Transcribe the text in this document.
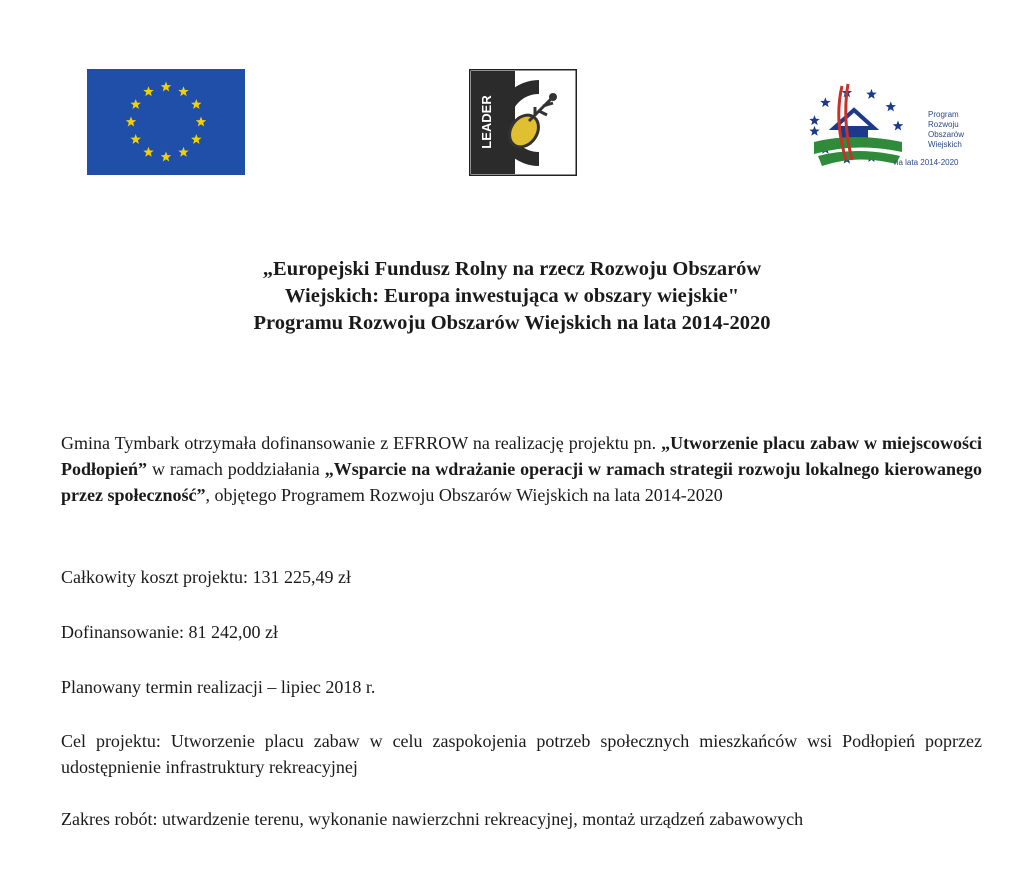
LEADER	Program
Rozwoju
Obszarów
Wiejskich
na lata 2014-2020
„Europejski Fundusz Rolny na rzecz Rozwoju Obszarów
Wiejskich: Europa inwestująca w obszary wiejskie"
Programu Rozwoju Obszarów Wiejskich na lata 2014-2020
Gmina Tymbark otrzymała dofinansowanie z EFRROW na realizację projektu pn. „Utworzenie placu zabaw w miejscowości Podłopień” w ramach poddziałania „Wsparcie na wdrażanie operacji w ramach strategii rozwoju lokalnego kierowanego przez społeczność”, objętego Programem Rozwoju Obszarów Wiejskich na lata 2014-2020
Całkowity koszt projektu: 131 225,49 zł
Dofinansowanie: 81 242,00 zł
Planowany termin realizacji – lipiec 2018 r.
Cel projektu: Utworzenie placu zabaw w celu zaspokojenia potrzeb społecznych mieszkańców wsi Podłopień poprzez udostępnienie infrastruktury rekreacyjnej
Zakres robót: utwardzenie terenu, wykonanie nawierzchni rekreacyjnej, montaż urządzeń zabawowych
